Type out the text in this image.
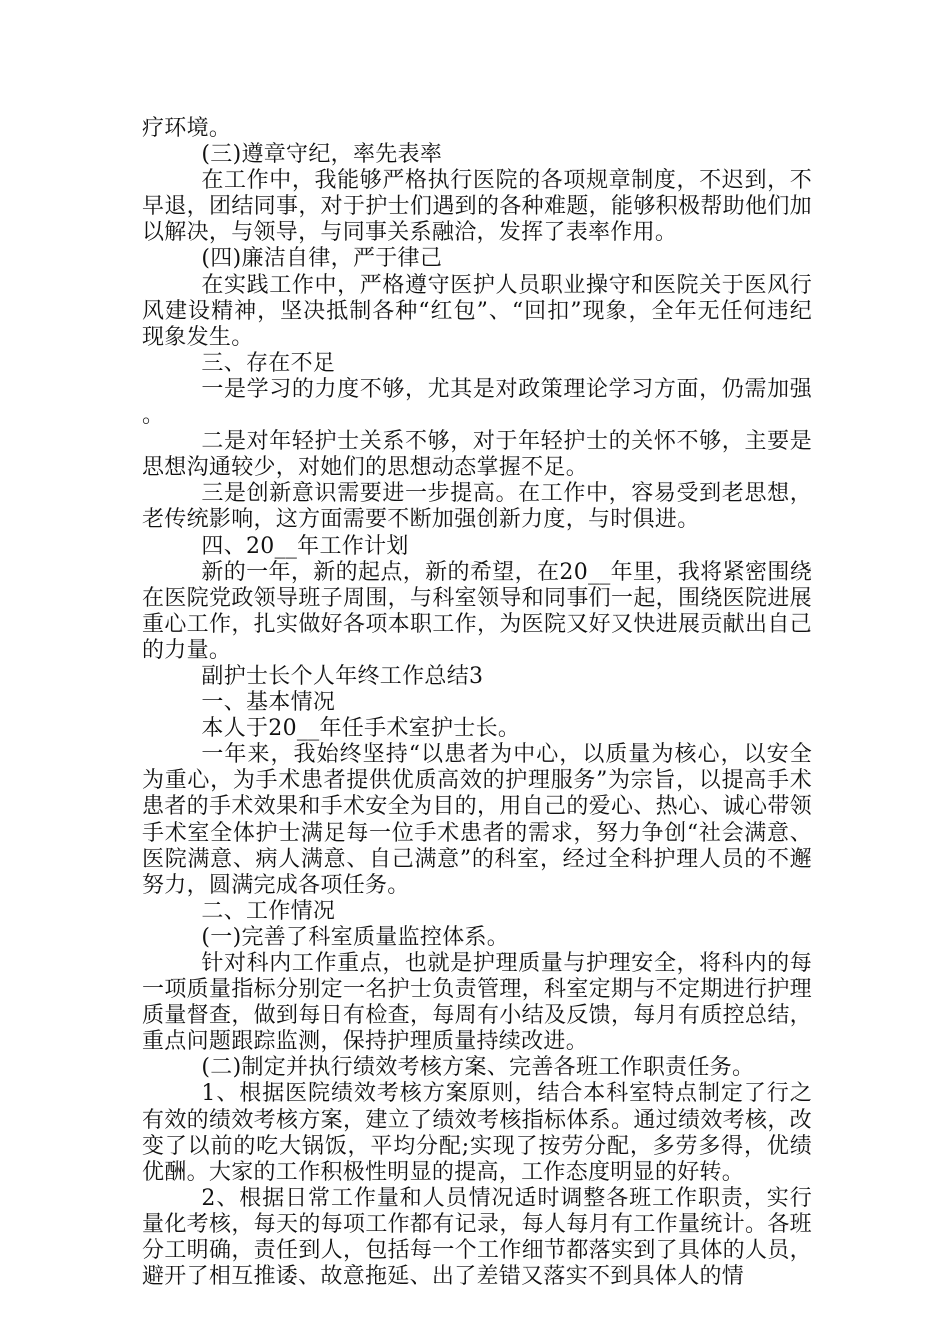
疗环境。

(三)遵章守纪，率先表率

在工作中，我能够严格执行医院的各项规章制度，不迟到，不早退，团结同事，对于护士们遇到的各种难题，能够积极帮助他们加以解决，与领导，与同事关系融洽，发挥了表率作用。

(四)廉洁自律，严于律己

在实践工作中，严格遵守医护人员职业操守和医院关于医风行风建设精神，坚决抵制各种“红包”、“回扣”现象，全年无任何违纪现象发生。

三、存在不足

一是学习的力度不够，尤其是对政策理论学习方面，仍需加强。

二是对年轻护士关系不够，对于年轻护士的关怀不够，主要是思想沟通较少，对她们的思想动态掌握不足。

三是创新意识需要进一步提高。在工作中，容易受到老思想，老传统影响，这方面需要不断加强创新力度，与时俱进。

四、20__年工作计划

新的一年，新的起点，新的希望，在20__年里，我将紧密围绕在医院党政领导班子周围，与科室领导和同事们一起，围绕医院进展重心工作，扎实做好各项本职工作，为医院又好又快进展贡献出自己的力量。

副护士长个人年终工作总结3

一、基本情况

本人于20__年任手术室护士长。

一年来，我始终坚持“以患者为中心，以质量为核心，以安全为重心，为手术患者提供优质高效的护理服务”为宗旨，以提高手术患者的手术效果和手术安全为目的，用自己的爱心、热心、诚心带领手术室全体护士满足每一位手术患者的需求，努力争创“社会满意、医院满意、病人满意、自己满意”的科室，经过全科护理人员的不邂努力，圆满完成各项任务。

二、工作情况

(一)完善了科室质量监控体系。

针对科内工作重点，也就是护理质量与护理安全，将科内的每一项质量指标分别定一名护士负责管理，科室定期与不定期进行护理质量督查，做到每日有检查，每周有小结及反馈，每月有质控总结，重点问题跟踪监测，保持护理质量持续改进。

(二)制定并执行绩效考核方案、完善各班工作职责任务。

1、根据医院绩效考核方案原则，结合本科室特点制定了行之有效的绩效考核方案，建立了绩效考核指标体系。通过绩效考核，改变了以前的吃大锅饭，平均分配;实现了按劳分配，多劳多得，优绩优酬。大家的工作积极性明显的提高，工作态度明显的好转。

2、根据日常工作量和人员情况适时调整各班工作职责，实行量化考核，每天的每项工作都有记录，每人每月有工作量统计。各班分工明确，责任到人，包括每一个工作细节都落实到了具体的人员，避开了相互推诿、故意拖延、出了差错又落实不到具体人的情
